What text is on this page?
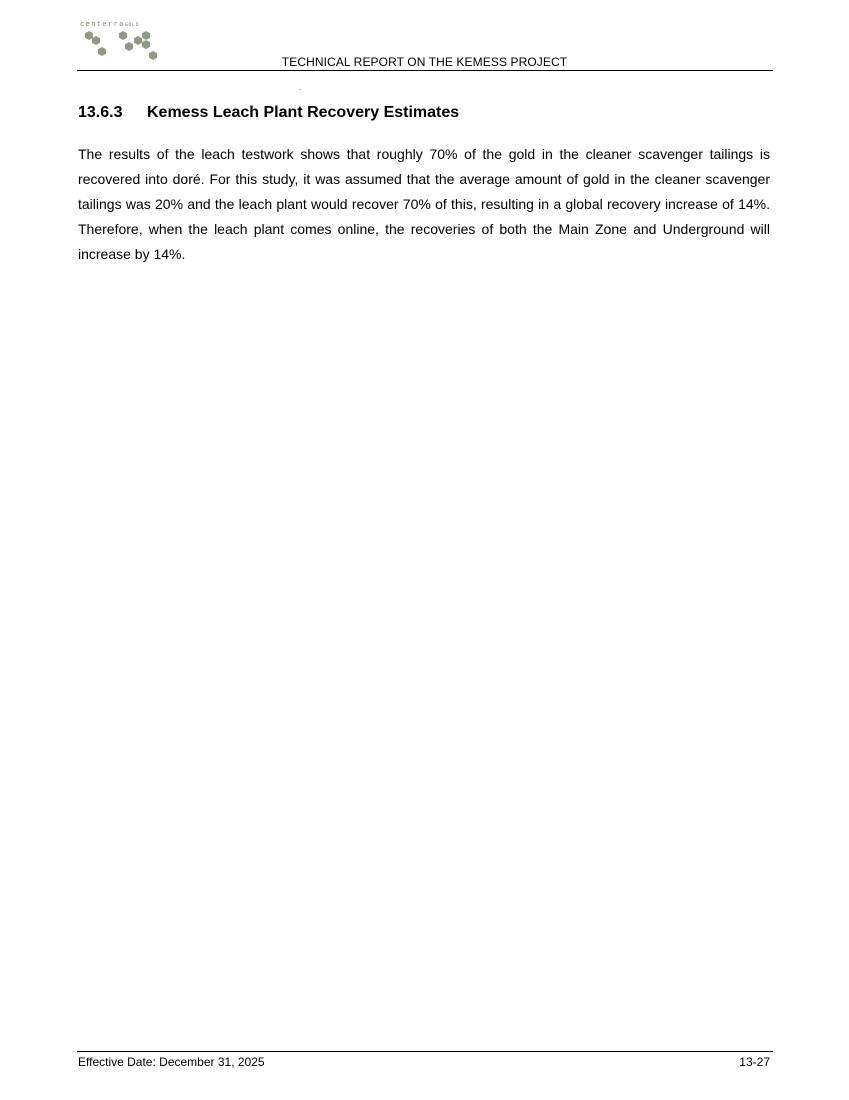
centerraGOLD
TECHNICAL REPORT ON THE KEMESS PROJECT
13.6.3 Kemess Leach Plant Recovery Estimates

The results of the leach testwork shows that roughly 70% of the gold in the cleaner scavenger tailings is recovered into doré. For this study, it was assumed that the average amount of gold in the cleaner scavenger tailings was 20% and the leach plant would recover 70% of this, resulting in a global recovery increase of 14%. Therefore, when the leach plant comes online, the recoveries of both the Main Zone and Underground will increase by 14%.

Effective Date: December 31, 2025	13-27
